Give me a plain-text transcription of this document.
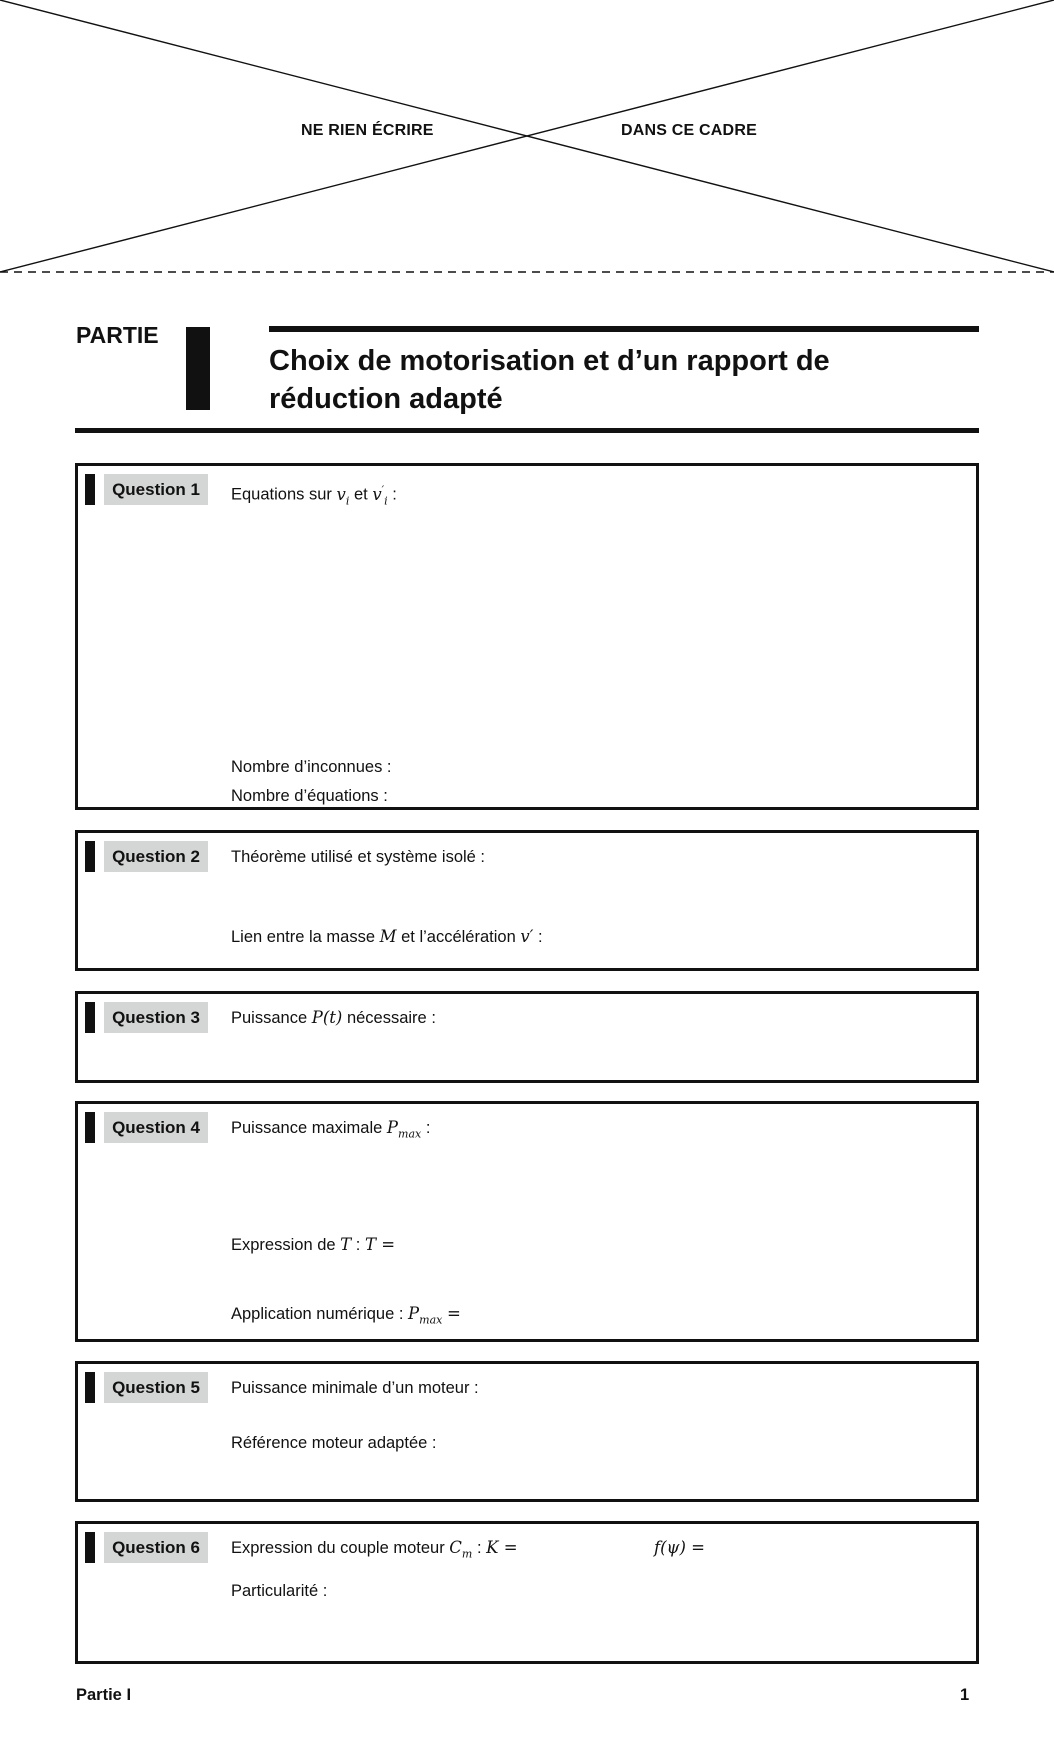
NE RIEN ÉCRIRE	DANS CE CADRE
PARTIE
Choix de motorisation et d’un rapport de réduction adapté
Question 1	Equations sur $v_i$ et $v'_i$ :
Nombre d’inconnues :
Nombre d’équations :
Question 2	Théorème utilisé et système isolé :
Lien entre la masse M et l’accélération v′ :
Question 3	Puissance P(t) nécessaire :
Question 4	Puissance maximale $P_{max}$ :
Expression de T : T =
Application numérique : $P_{max}$ =
Question 5	Puissance minimale d’un moteur :
Référence moteur adaptée :
Question 6	Expression du couple moteur $C_m$ : K =	f(ψ) =
Particularité :
Partie I	1
